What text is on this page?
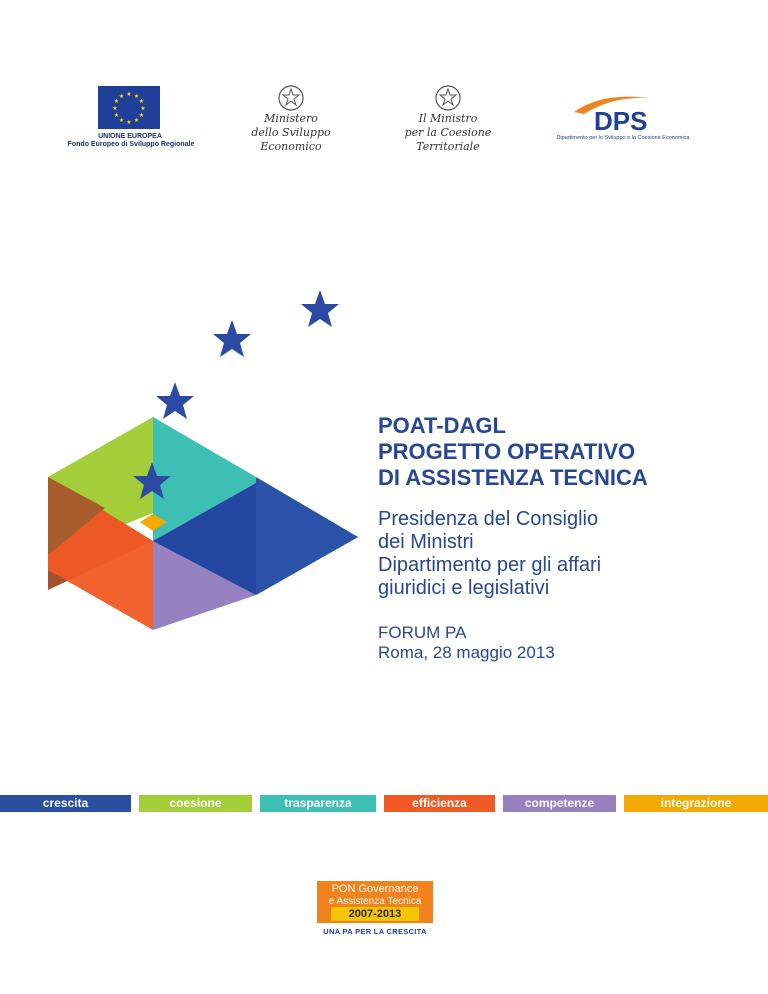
★ ★
★
★
★
★
★
★
★
★
★
★
UNIONE EUROPEA
Fondo Europeo di Sviluppo Regionale
Ministero
dello Sviluppo Economico
Il Ministro
per la Coesione Territoriale
DPS
Dipartimento per lo Sviluppo e la Coesione Economica
POAT-DAGL
PROGETTO OPERATIVO
DI ASSISTENZA TECNICA
Presidenza del Consiglio
dei Ministri
Dipartimento per gli affari
giuridici e legislativi
FORUM PA
Roma, 28 maggio 2013
crescita	coesione	trasparenza	efficienza	competenze	integrazione
PON Governance
e Assistenza Tecnica
2007-2013
UNA PA PER LA CRESCITA
